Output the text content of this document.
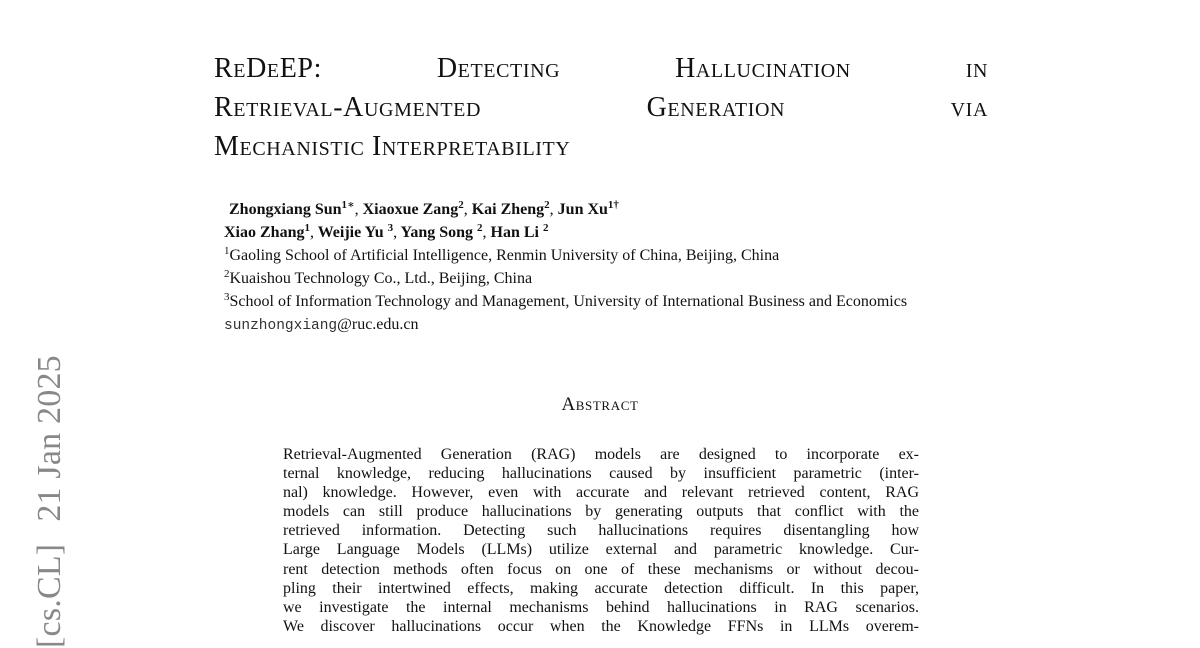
[cs.CL]21 Jan 2025
ReDeEP:	Detecting	Hallucination	in
Retrieval-Augmented	Generation	via
Mechanistic Interpretability
Zhongxiang Sun$^{1∗}$, Xiaoxue Zang$^2$, Kai Zheng$^2$, Jun $Xu^{1\dagger}$
Xiao Zhang$^1$, Weijie Yu $^3$, Yang Song $^2$, Han Li $^2$
$^1$Gaoling School of Artificial Intelligence, Renmin University of China, Beijing, China
$^2$Kuaishou Technology Co., Ltd., Beijing, China
$^3$School of Information Technology and Management, University of International Business and Economics
sunzhongxiang@ruc.edu.cn
Abstract
Retrieval-Augmented Generation (RAG) models are designed to incorporate ex-
ternal knowledge, reducing hallucinations caused by insufficient parametric (inter-
nal) knowledge. However, even with accurate and relevant retrieved content, RAG
models can still produce hallucinations by generating outputs that conflict with the
retrieved information. Detecting such hallucinations requires disentangling how
Large Language Models (LLMs) utilize external and parametric knowledge. Cur-
rent detection methods often focus on one of these mechanisms or without decou-
pling their intertwined effects, making accurate detection difficult. In this paper,
we investigate the internal mechanisms behind hallucinations in RAG scenarios.
We discover hallucinations occur when the Knowledge FFNs in LLMs overem-
